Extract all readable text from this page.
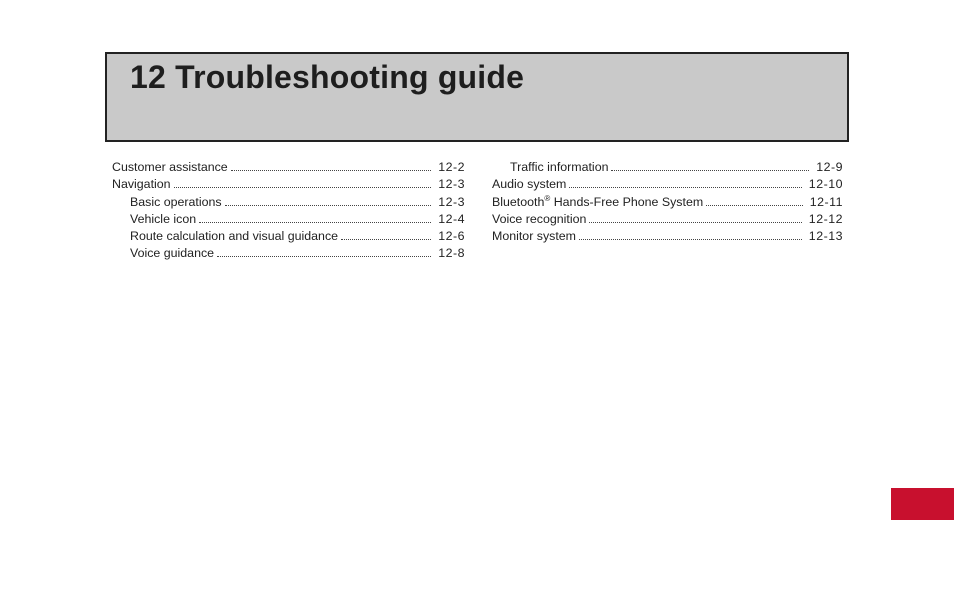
12 Troubleshooting guide
Customer assistance	12-2
Navigation	12-3
Basic operations	12-3
Vehicle icon	12-4
Route calculation and visual guidance	12-6
Voice guidance	12-8
Traffic information	12-9
Audio system	12-10
Bluetooth® Hands-Free Phone System	12-11
Voice recognition	12-12
Monitor system	12-13
